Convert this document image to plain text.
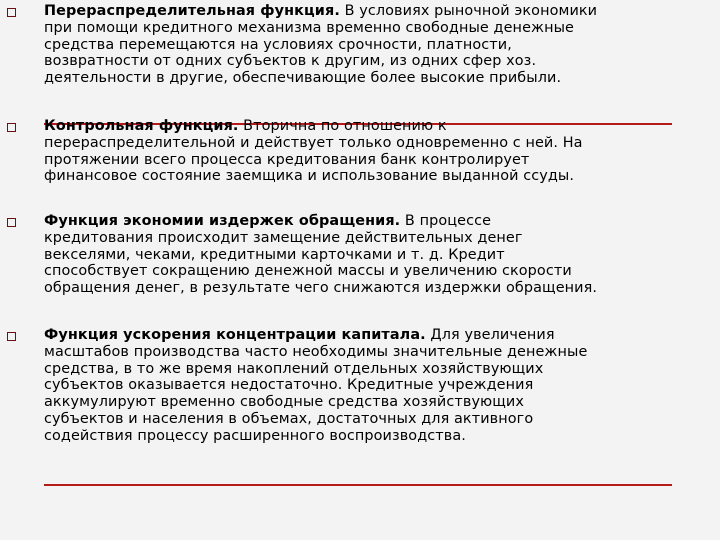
Перераспределительная функция. В условиях рыночной экономики при помощи кредитного механизма временно свободные денежные средства перемещаются на условиях срочности, платности, возвратности от одних субъектов к другим, из одних сфер хоз. деятельности в другие, обеспечивающие более высокие прибыли.

Контрольная функция. Вторична по отношению к перераспределительной и действует только одновременно с ней. На протяжении всего процесса кредитования банк контролирует финансовое состояние заемщика и использование выданной ссуды.

Функция экономии издержек обращения. В процессе кредитования происходит замещение действительных денег векселями, чеками, кредитными карточками и т. д. Кредит способствует сокращению денежной массы и увеличению скорости обращения денег, в результате чего снижаются издержки обращения.

Функция ускорения концентрации капитала. Для увеличения масштабов производства часто необходимы значительные денежные средства, в то же время накоплений отдельных хозяйствующих субъектов оказывается недостаточно. Кредитные учреждения аккумулируют временно свободные средства хозяйствующих субъектов и населения в объемах, достаточных для активного содействия процессу расширенного воспроизводства.
